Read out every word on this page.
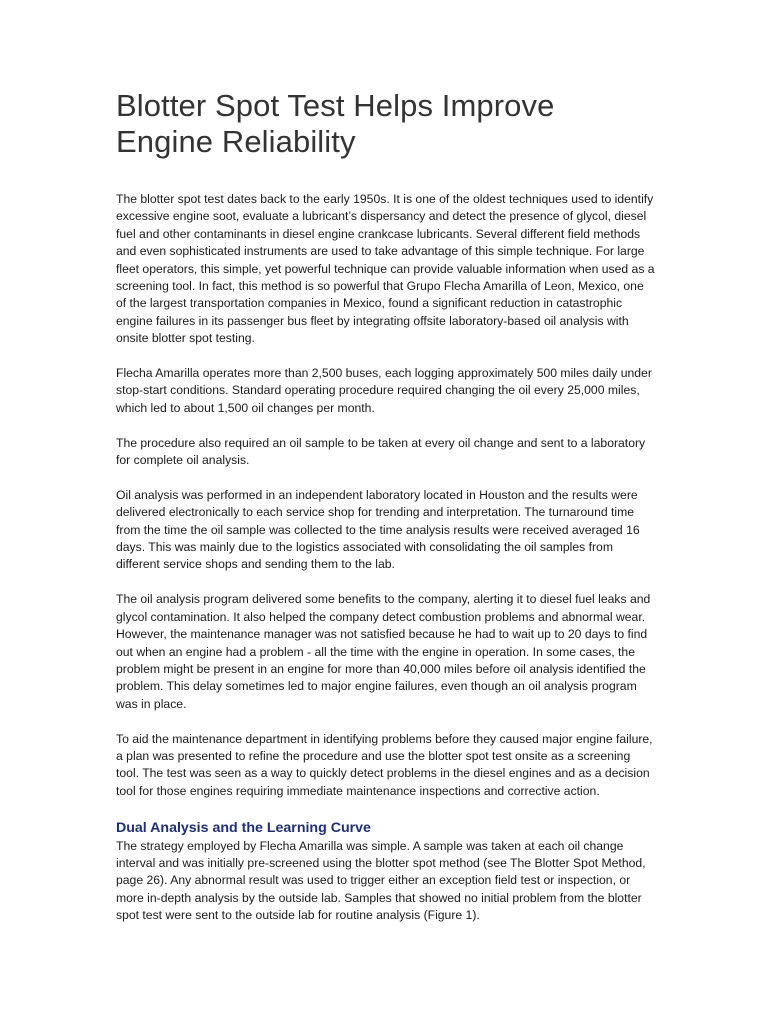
Blotter Spot Test Helps Improve Engine Reliability

The blotter spot test dates back to the early 1950s. It is one of the oldest techniques used to identify excessive engine soot, evaluate a lubricant’s dispersancy and detect the presence of glycol, diesel fuel and other contaminants in diesel engine crankcase lubricants. Several different field methods and even sophisticated instruments are used to take advantage of this simple technique. For large fleet operators, this simple, yet powerful technique can provide valuable information when used as a screening tool. In fact, this method is so powerful that Grupo Flecha Amarilla of Leon, Mexico, one of the largest transportation companies in Mexico, found a significant reduction in catastrophic engine failures in its passenger bus fleet by integrating offsite laboratory-based oil analysis with onsite blotter spot testing.

Flecha Amarilla operates more than 2,500 buses, each logging approximately 500 miles daily under stop-start conditions. Standard operating procedure required changing the oil every 25,000 miles, which led to about 1,500 oil changes per month.

The procedure also required an oil sample to be taken at every oil change and sent to a laboratory for complete oil analysis.

Oil analysis was performed in an independent laboratory located in Houston and the results were delivered electronically to each service shop for trending and interpretation. The turnaround time from the time the oil sample was collected to the time analysis results were received averaged 16 days. This was mainly due to the logistics associated with consolidating the oil samples from different service shops and sending them to the lab.

The oil analysis program delivered some benefits to the company, alerting it to diesel fuel leaks and glycol contamination. It also helped the company detect combustion problems and abnormal wear. However, the maintenance manager was not satisfied because he had to wait up to 20 days to find out when an engine had a problem - all the time with the engine in operation. In some cases, the problem might be present in an engine for more than 40,000 miles before oil analysis identified the problem. This delay sometimes led to major engine failures, even though an oil analysis program was in place.

To aid the maintenance department in identifying problems before they caused major engine failure, a plan was presented to refine the procedure and use the blotter spot test onsite as a screening tool. The test was seen as a way to quickly detect problems in the diesel engines and as a decision tool for those engines requiring immediate maintenance inspections and corrective action.

Dual Analysis and the Learning Curve

The strategy employed by Flecha Amarilla was simple. A sample was taken at each oil change interval and was initially pre-screened using the blotter spot method (see The Blotter Spot Method, page 26). Any abnormal result was used to trigger either an exception field test or inspection, or more in-depth analysis by the outside lab. Samples that showed no initial problem from the blotter spot test were sent to the outside lab for routine analysis (Figure 1).
